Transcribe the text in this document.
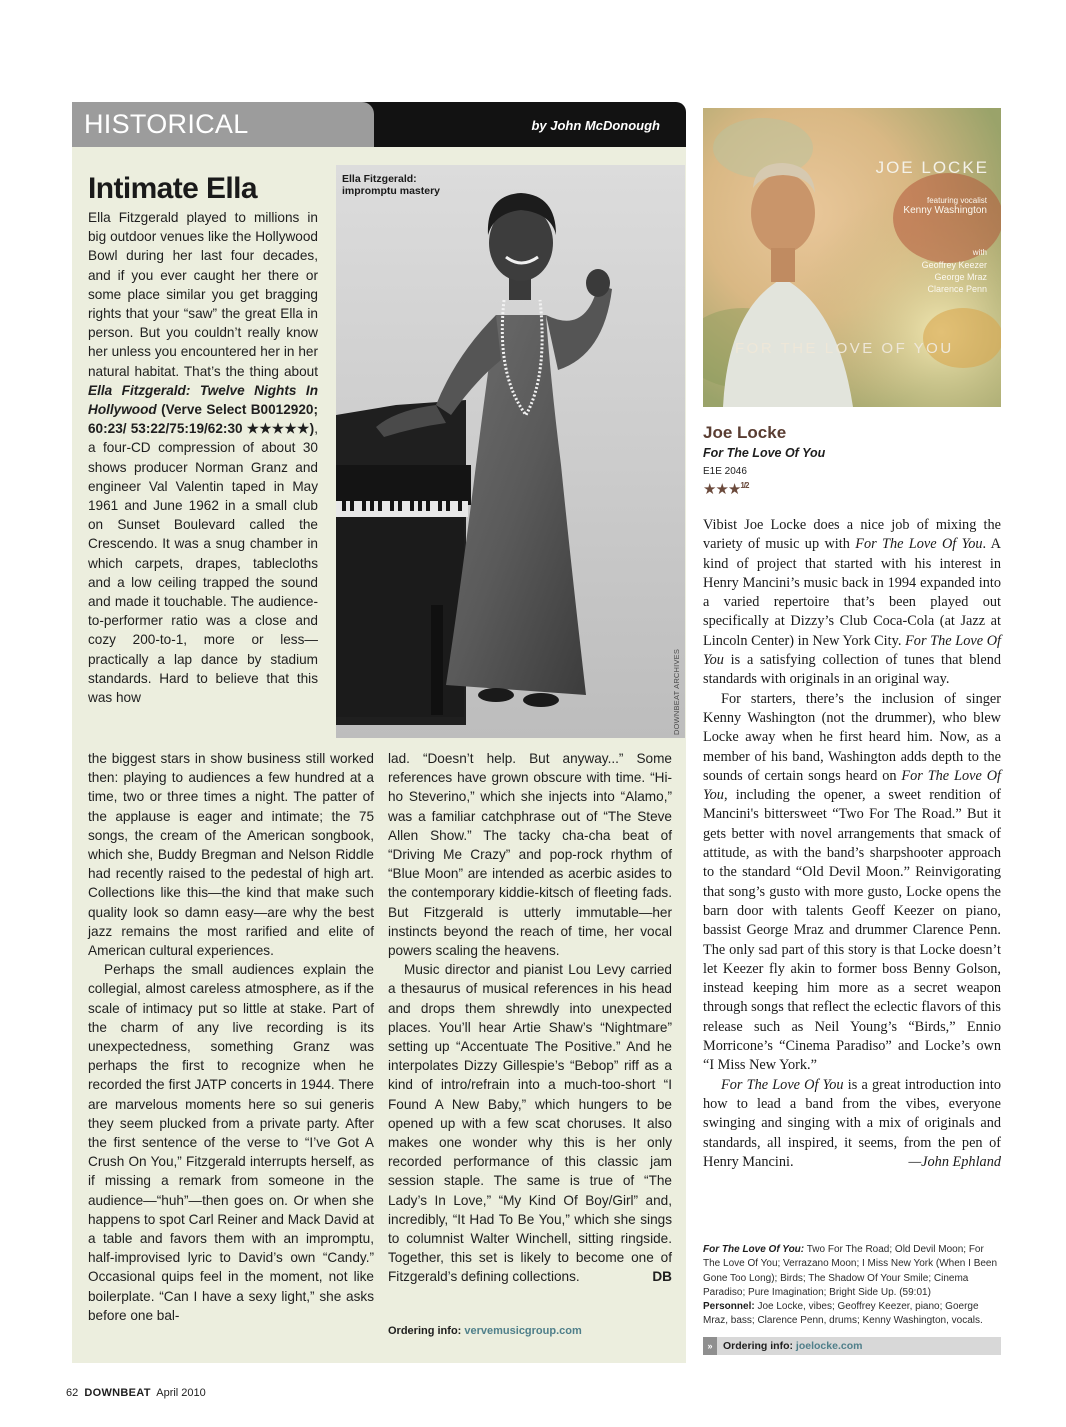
HISTORICAL	by John McDonough
Intimate Ella	Ella Fitzgerald: impromptu mastery
DOWNBEAT ARCHIVES

Ella Fitzgerald played to millions in big outdoor venues like the Hollywood Bowl during her last four decades, and if you ever caught her there or some place similar you get bragging rights that your “saw” the great Ella in person. But you couldn’t really know her unless you encountered her in her natural habitat. That’s the thing about Ella Fitzgerald: Twelve Nights In Hollywood (Verve Select B0012920; 60:23/ 53:22/75:19/62:30 ★★★★★), a four-CD compression of about 30 shows producer Norman Granz and engineer Val Valentin taped in May 1961 and June 1962 in a small club on Sunset Boulevard called the Crescendo. It was a snug chamber in which carpets, drapes, tablecloths and a low ceiling trapped the sound and made it touchable. The audience-to-performer ratio was a close and cozy 200-to-1, more or less—practically a lap dance by stadium standards. Hard to believe that this was how

the biggest stars in show business still worked then: playing to audiences a few hundred at a time, two or three times a night. The patter of the applause is eager and intimate; the 75 songs, the cream of the American songbook, which she, Buddy Bregman and Nelson Riddle had recently raised to the pedestal of high art. Collections like this—the kind that make such quality look so damn easy—are why the best jazz remains the most rarified and elite of American cultural experiences.

Perhaps the small audiences explain the collegial, almost careless atmosphere, as if the scale of intimacy put so little at stake. Part of the charm of any live recording is its unexpectedness, something Granz was perhaps the first to recognize when he recorded the first JATP concerts in 1944. There are marvelous moments here so sui generis they seem plucked from a private party. After the first sentence of the verse to “I’ve Got A Crush On You,” Fitzgerald interrupts herself, as if missing a remark from someone in the audience—“huh”—then goes on. Or when she happens to spot Carl Reiner and Mack David at a table and favors them with an impromptu, half-improvised lyric to David’s own “Candy.” Occasional quips feel in the moment, not like boilerplate. “Can I have a sexy light,” she asks before one bal-

lad. “Doesn’t help. But anyway...” Some references have grown obscure with time. “Hi-ho Steverino,” which she injects into “Alamo,” was a familiar catchphrase out of “The Steve Allen Show.” The tacky cha-cha beat of “Driving Me Crazy” and pop-rock rhythm of “Blue Moon” are intended as acerbic asides to the contemporary kiddie-kitsch of fleeting fads. But Fitzgerald is utterly immutable—her instincts beyond the reach of time, her vocal powers scaling the heavens.

Music director and pianist Lou Levy carried a thesaurus of musical references in his head and drops them shrewdly into unexpected places. You’ll hear Artie Shaw’s “Nightmare” setting up “Accentuate The Positive.” And he interpolates Dizzy Gillespie’s “Bebop” riff as a kind of intro/refrain into a much-too-short “I Found A New Baby,” which hungers to be opened up with a few scat choruses. It also makes one wonder why this is her only recorded performance of this classic jam session staple. The same is true of “The Lady’s In Love,” “My Kind Of Boy/Girl” and, incredibly, “It Had To Be You,” which she sings to columnist Walter Winchell, sitting ringside. Together, this set is likely to become one of Fitzgerald’s defining collections.	DB

Ordering info: vervemusicgroup.com
JOE LOCKE
featuring vocalist
Kenny Washington
with
Geoffrey Keezer
George Mraz
Clarence Penn
FOR THE LOVE OF YOU
Joe Locke
For The Love Of You
E1E 2046
★★★$^{1/2}$

Vibist Joe Locke does a nice job of mixing the variety of music up with For The Love Of You. A kind of project that started with his interest in Henry Mancini’s music back in 1994 expanded into a varied repertoire that’s been played out specifically at Dizzy’s Club Coca-Cola (at Jazz at Lincoln Center) in New York City. For The Love Of You is a satisfying collection of tunes that blend standards with originals in an original way.

For starters, there’s the inclusion of singer Kenny Washington (not the drummer), who blew Locke away when he first heard him. Now, as a member of his band, Washington adds depth to the sounds of certain songs heard on For The Love Of You, including the opener, a sweet rendition of Mancini's bittersweet “Two For The Road.” But it gets better with novel arrangements that smack of attitude, as with the band’s sharpshooter approach to the standard “Old Devil Moon.” Reinvigorating that song’s gusto with more gusto, Locke opens the barn door with talents Geoff Keezer on piano, bassist George Mraz and drummer Clarence Penn. The only sad part of this story is that Locke doesn’t let Keezer fly akin to former boss Benny Golson, instead keeping him more as a secret weapon through songs that reflect the eclectic flavors of this release such as Neil Young’s “Birds,” Ennio Morricone’s “Cinema Paradiso” and Locke’s own “I Miss New York.”

For The Love Of You is a great introduction into how to lead a band from the vibes, everyone swinging and singing with a mix of originals and standards, all inspired, it seems, from the pen of Henry Mancini.	—John Ephland

For The Love Of You: Two For The Road; Old Devil Moon; For The Love Of You; Verrazano Moon; I Miss New York (When I Been Gone Too Long); Birds; The Shadow Of Your Smile; Cinema Paradiso; Pure Imagination; Bright Side Up. (59:01)

Personnel: Joe Locke, vibes; Geoffrey Keezer, piano; Goerge Mraz, bass; Clarence Penn, drums; Kenny Washington, vocals.

» Ordering info: joelocke.com
62 DOWNBEAT April 2010
